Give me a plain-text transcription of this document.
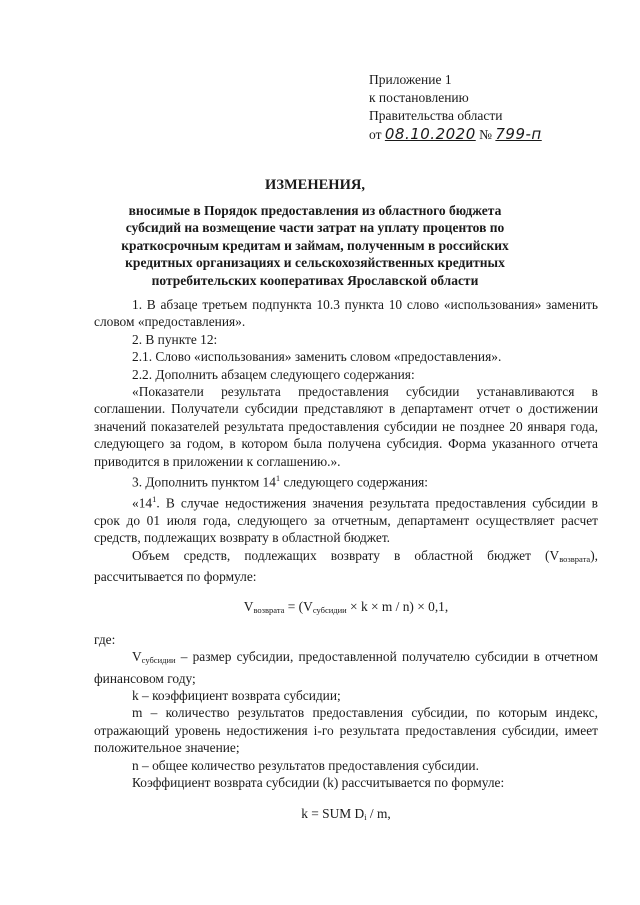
Приложение 1
к постановлению
Правительства области
от 08.10.2020 № 799-п
ИЗМЕНЕНИЯ,
вносимые в Порядок предоставления из областного бюджета субсидий на возмещение части затрат на уплату процентов по краткосрочным кредитам и займам, полученным в российских кредитных организациях и сельскохозяйственных кредитных потребительских кооперативах Ярославской области

1. В абзаце третьем подпункта 10.3 пункта 10 слово «использования» заменить словом «предоставления».

2. В пункте 12:

2.1. Слово «использования» заменить словом «предоставления».

2.2. Дополнить абзацем следующего содержания:

«Показатели результата предоставления субсидии устанавливаются в соглашении. Получатели субсидии представляют в департамент отчет о достижении значений показателей результата предоставления субсидии не позднее 20 января года, следующего за годом, в котором была получена субсидия. Форма указанного отчета приводится в приложении к соглашению.».

3. Дополнить пунктом $14^1$ следующего содержания:

«$14^1$. В случае недостижения значения результата предоставления субсидии в срок до 01 июля года, следующего за отчетным, департамент осуществляет расчет средств, подлежащих возврату в областной бюджет.

Объем средств, подлежащих возврату в областной бюджет $(V_{возврата})$, рассчитывается по формуле:

$V_{возврата} = (V_{субсидии} \times k \times m / n) \times 0,1$,

где:

$V_{субсидии}$ – размер субсидии, предоставленной получателю субсидии в отчетном финансовом году;

k – коэффициент возврата субсидии;

m – количество результатов предоставления субсидии, по которым индекс, отражающий уровень недостижения i-го результата предоставления субсидии, имеет положительное значение;

n – общее количество результатов предоставления субсидии.

Коэффициент возврата субсидии (k) рассчитывается по формуле:

k = SUM $D_i$ / m,
